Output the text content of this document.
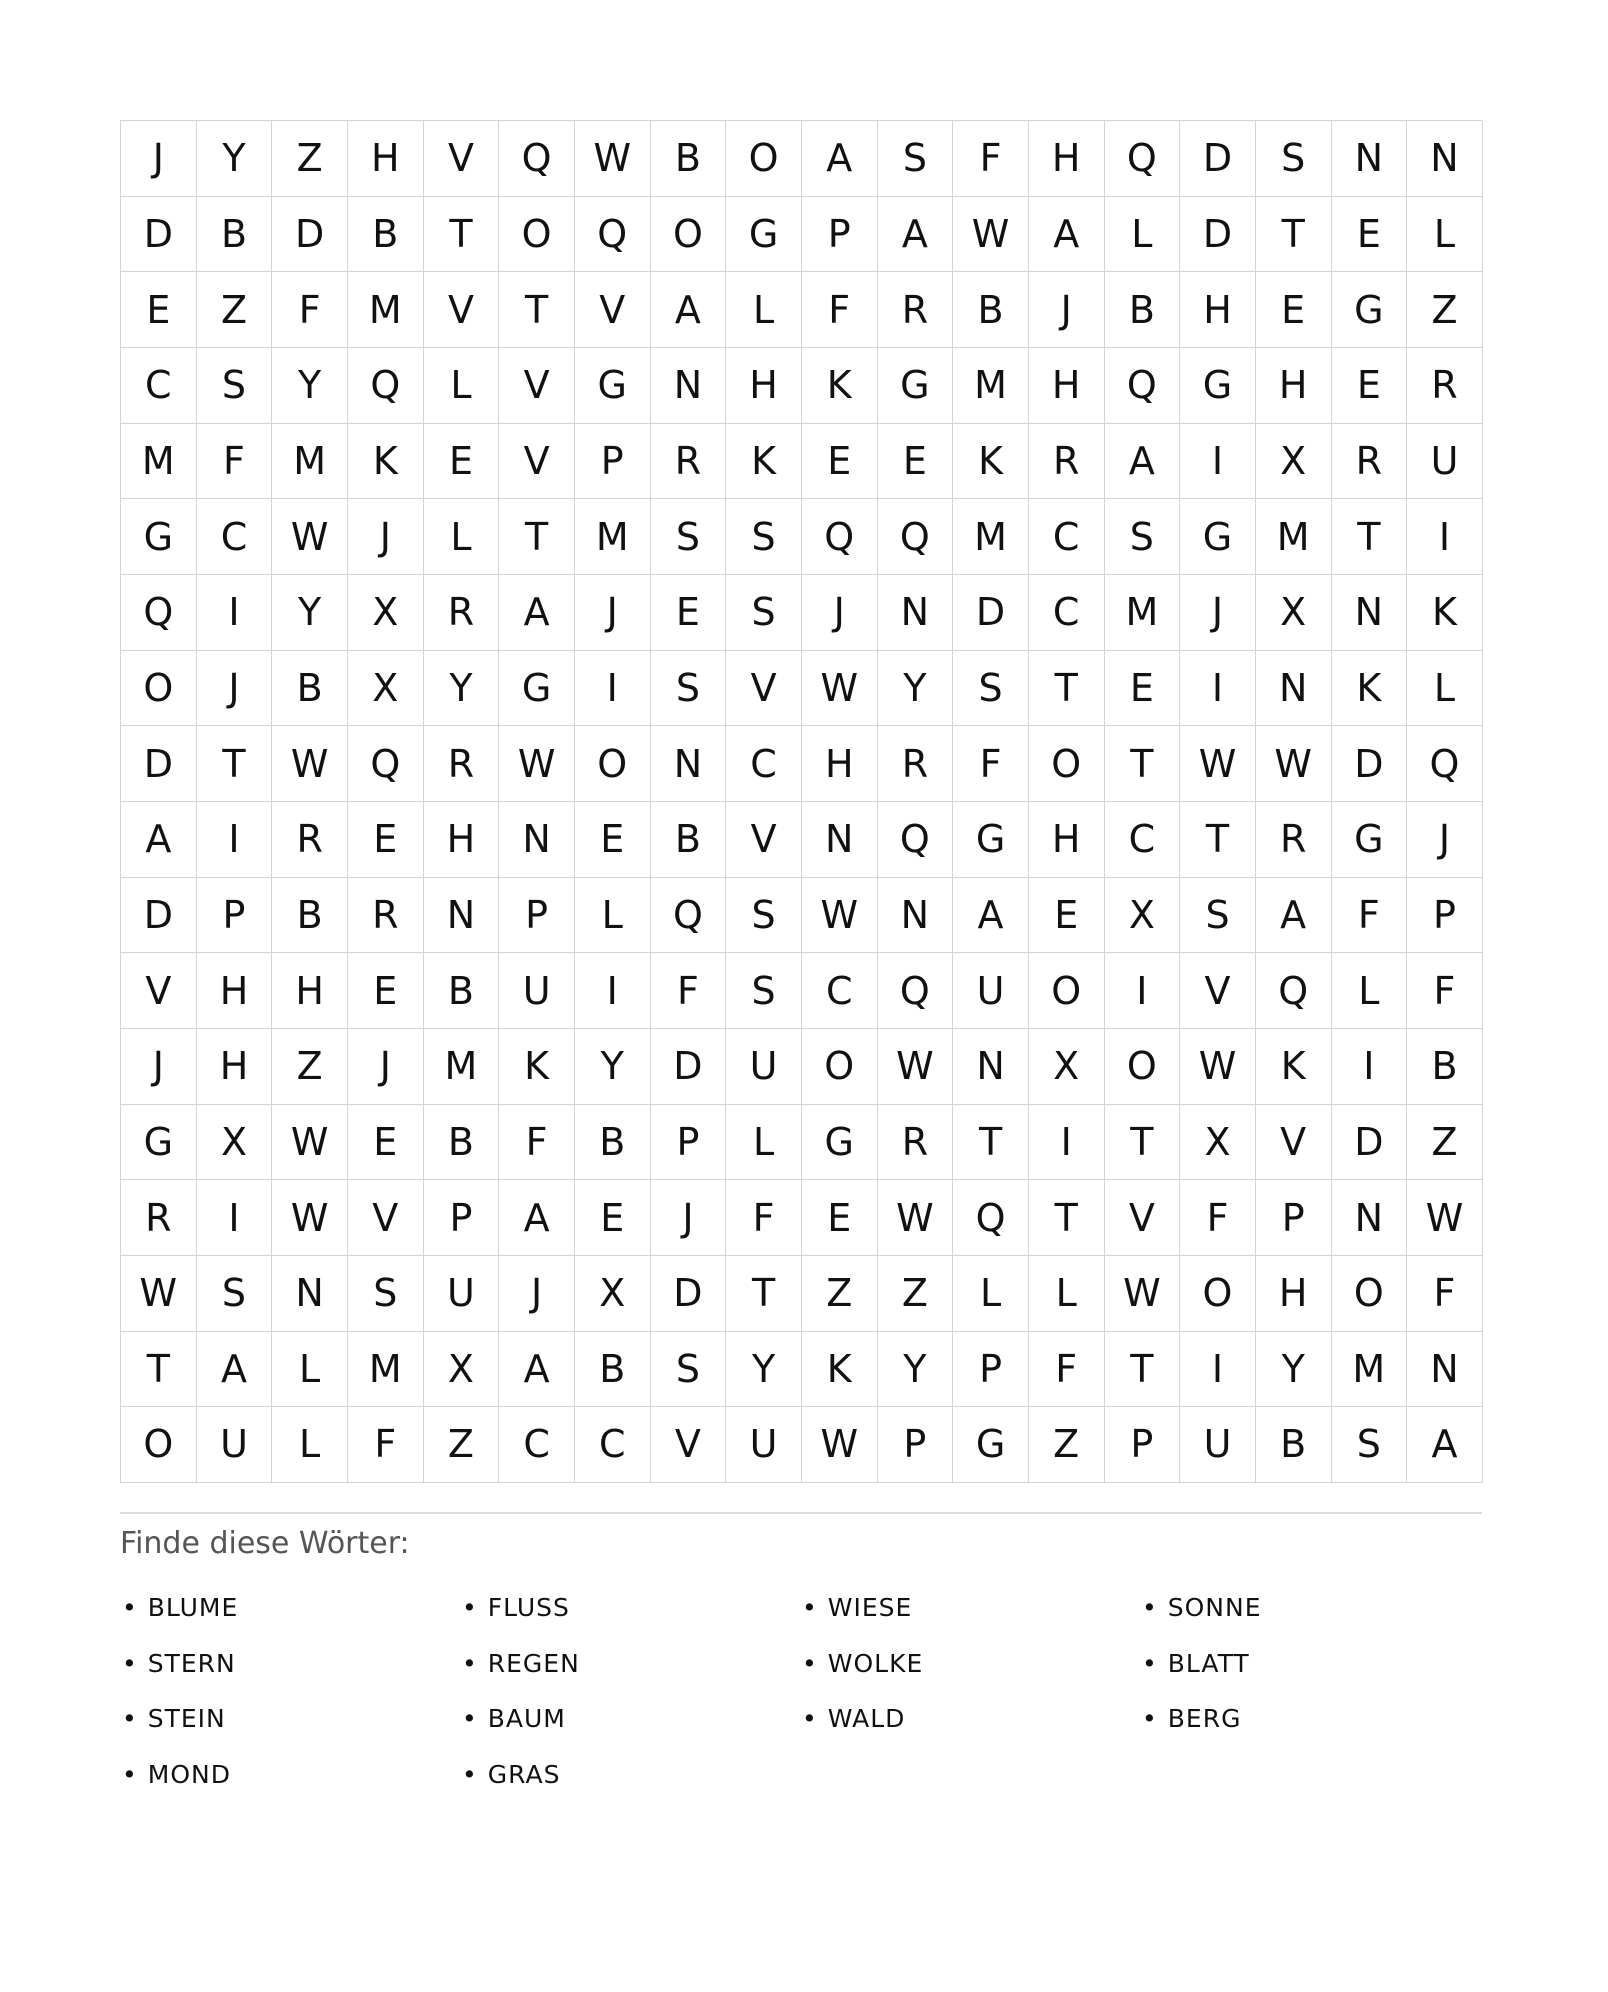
J	Y	Z	H	V	Q	W	B	O	A	S	F	H	Q	D	S	N	N
D	B	D	B	T	O	Q	O	G	P	A	W	A	L	D	T	E	L
E	Z	F	M	V	T	V	A	L	F	R	B	J	B	H	E	G	Z
C	S	Y	Q	L	V	G	N	H	K	G	M	H	Q	G	H	E	R
M	F	M	K	E	V	P	R	K	E	E	K	R	A	I	X	R	U
G	C	W	J	L	T	M	S	S	Q	Q	M	C	S	G	M	T	I
Q	I	Y	X	R	A	J	E	S	J	N	D	C	M	J	X	N	K
O	J	B	X	Y	G	I	S	V	W	Y	S	T	E	I	N	K	L
D	T	W	Q	R	W	O	N	C	H	R	F	O	T	W	W	D	Q
A	I	R	E	H	N	E	B	V	N	Q	G	H	C	T	R	G	J
D	P	B	R	N	P	L	Q	S	W	N	A	E	X	S	A	F	P
V	H	H	E	B	U	I	F	S	C	Q	U	O	I	V	Q	L	F
J	H	Z	J	M	K	Y	D	U	O	W	N	X	O	W	K	I	B
G	X	W	E	B	F	B	P	L	G	R	T	I	T	X	V	D	Z
R	I	W	V	P	A	E	J	F	E	W	Q	T	V	F	P	N	W
W	S	N	S	U	J	X	D	T	Z	Z	L	L	W	O	H	O	F
T	A	L	M	X	A	B	S	Y	K	Y	P	F	T	I	Y	M	N
O	U	L	F	Z	C	C	V	U	W	P	G	Z	P	U	B	S	A
Finde diese Wörter:
• BLUME	• FLUSS	• WIESE	• SONNE
• STERN	• REGEN	• WOLKE	• BLATT
• STEIN	• BAUM	• WALD	• BERG
• MOND	• GRAS
